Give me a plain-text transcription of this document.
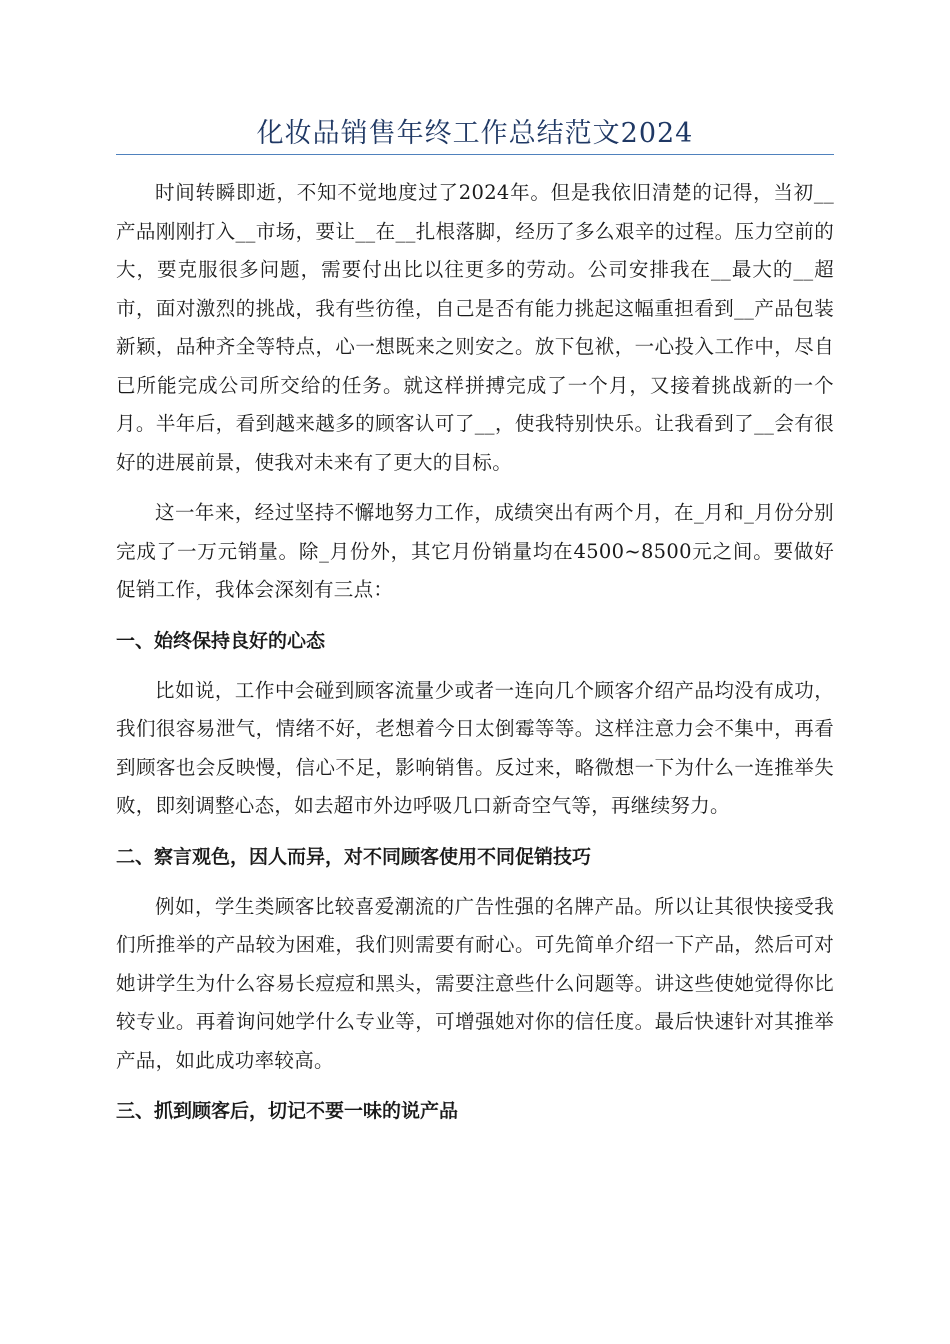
化妆品销售年终工作总结范文2024

时间转瞬即逝，不知不觉地度过了2024年。但是我依旧清楚的记得，当初__产品刚刚打入__市场，要让__在__扎根落脚，经历了多么艰辛的过程。压力空前的大，要克服很多问题，需要付出比以往更多的劳动。公司安排我在__最大的__超市，面对激烈的挑战，我有些彷徨，自己是否有能力挑起这幅重担看到__产品包装新颖，品种齐全等特点，心一想既来之则安之。放下包袱，一心投入工作中，尽自已所能完成公司所交给的任务。就这样拼搏完成了一个月，又接着挑战新的一个月。半年后，看到越来越多的顾客认可了__，使我特别快乐。让我看到了__会有很好的进展前景，使我对未来有了更大的目标。

这一年来，经过坚持不懈地努力工作，成绩突出有两个月，在_月和_月份分别完成了一万元销量。除_月份外，其它月份销量均在4500~8500元之间。要做好促销工作，我体会深刻有三点：

一、始终保持良好的心态

比如说，工作中会碰到顾客流量少或者一连向几个顾客介绍产品均没有成功，我们很容易泄气，情绪不好，老想着今日太倒霉等等。这样注意力会不集中，再看到顾客也会反映慢，信心不足，影响销售。反过来，略微想一下为什么一连推举失败，即刻调整心态，如去超市外边呼吸几口新奇空气等，再继续努力。

二、察言观色，因人而异，对不同顾客使用不同促销技巧

例如，学生类顾客比较喜爱潮流的广告性强的名牌产品。所以让其很快接受我们所推举的产品较为困难，我们则需要有耐心。可先简单介绍一下产品，然后可对她讲学生为什么容易长痘痘和黑头，需要注意些什么问题等。讲这些使她觉得你比较专业。再着询问她学什么专业等，可增强她对你的信任度。最后快速针对其推举产品，如此成功率较高。

三、抓到顾客后，切记不要一味的说产品
